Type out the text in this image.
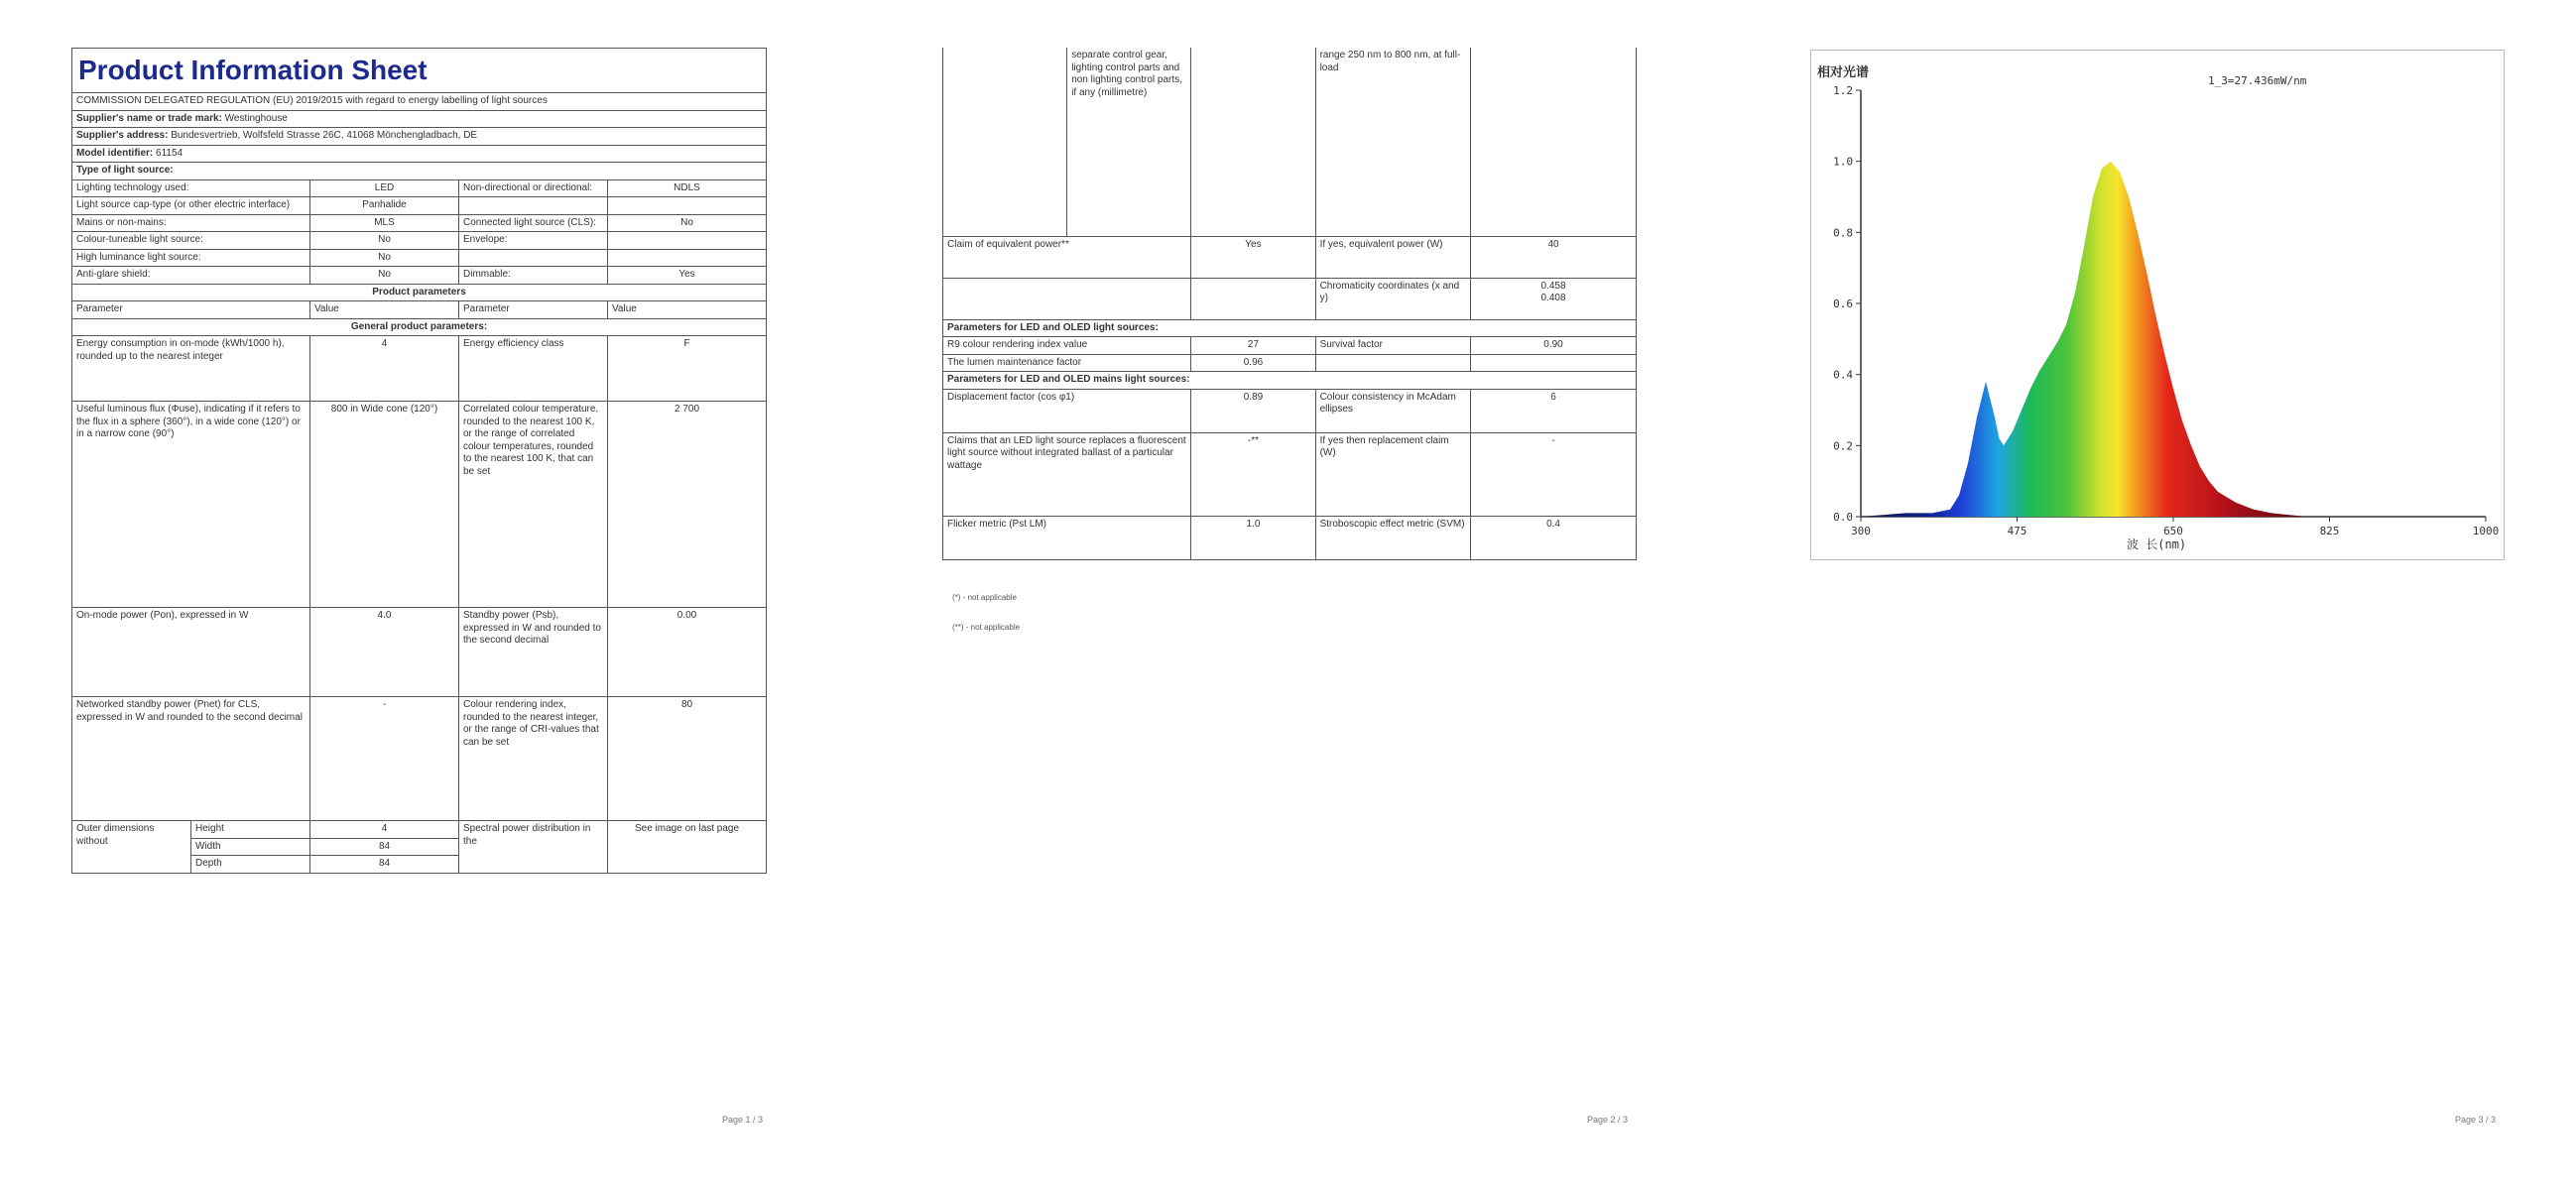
Product Information Sheet				

COMMISSION DELEGATED REGULATION (EU) 2019/2015 with regard to energy labelling of light sources				
Supplier's name or trade mark: Westinghouse				
Supplier's address: Bundesvertrieb, Wolfsfeld Strasse 26C, 41068 Mönchengladbach, DE				
Model identifier: 61154				
Type of light source:				
Lighting technology used:		LED	Non-directional or directional:	NDLS
Light source cap-type (or other electric interface)		Panhalide		
Mains or non-mains:		MLS	Connected light source (CLS):	No
Colour-tuneable light source:		No	Envelope:	
High luminance light source:		No		
Anti-glare shield:		No	Dimmable:	Yes
Product parameters				
Parameter		Value	Parameter	Value
General product parameters:				
Energy consumption in on-mode (kWh/1000 h), rounded up to the nearest integer		4	Energy efficiency class	F
Useful luminous flux (Φuse), indicating if it refers to the flux in a sphere (360°), in a wide cone (120°) or in a narrow cone (90°)		800 in Wide cone (120°)	Correlated colour temperature, rounded to the nearest 100 K, or the range of correlated colour temperatures, rounded to the nearest 100 K, that can be set	2 700
On-mode power (Pon), expressed in W		4.0	Standby power (Psb), expressed in W and rounded to the second decimal	0.00
Networked standby power (Pnet) for CLS, expressed in W and rounded to the second decimal		-	Colour rendering index, rounded to the nearest integer, or the range of CRI-values that can be set	80
Outer dimensions without	Height	4	Spectral power distribution in the	See image on last page
	Width	84		
	Depth	84		
Page 1 / 3	Page 2 / 3
(*) - not applicable
(**) - not applicable
	separate control gear, lighting control parts and non lighting control parts, if any (millimetre)		range 250 nm to 800 nm, at full-load	
Claim of equivalent power**		Yes	If yes, equivalent power (W)	40
			Chromaticity coordinates (x and y)	0.458
0.408

Parameters for LED and OLED light sources:				
R9 colour rendering index value		27	Survival factor	0.90
The lumen maintenance factor		0.96		
Parameters for LED and OLED mains light sources:				
Displacement factor (cos φ1)		0.89	Colour consistency in McAdam ellipses	6
Claims that an LED light source replaces a fluorescent light source without integrated ballast of a particular wattage		-**	If yes then replacement claim (W)	-
Flicker metric (Pst LM)		1.0	Stroboscopic effect metric (SVM)	0.4
Page 3 / 3
相对光谱
1_3=27.436mW/nm
0.0
0.2
0.4
0.6
0.8
1.0
1.2
300	475	650	825	1000
波 长(nm)
